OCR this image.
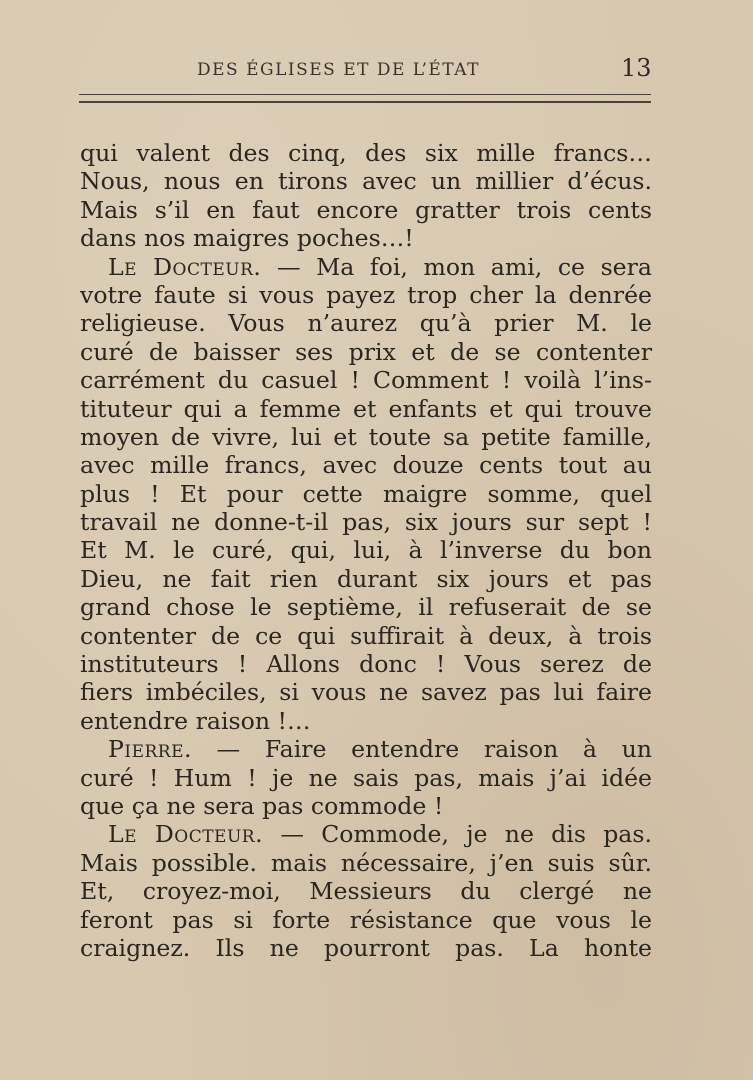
DES ÉGLISES ET DE L’ÉTAT	13
qui valent des cinq, des six mille francs…
Nous, nous en tirons avec un millier d’écus.
Mais s’il en faut encore gratter trois cents
dans nos maigres poches…!
Le Docteur. — Ma foi, mon ami, ce sera
votre faute si vous payez trop cher la denrée
religieuse. Vous n’aurez qu’à prier M. le
curé de baisser ses prix et de se contenter
carrément du casuel ! Comment ! voilà l’ins-
tituteur qui a femme et enfants et qui trouve
moyen de vivre, lui et toute sa petite famille,
avec mille francs, avec douze cents tout au
plus ! Et pour cette maigre somme, quel
travail ne donne-t-il pas, six jours sur sept !
Et M. le curé, qui, lui, à l’inverse du bon
Dieu, ne fait rien durant six jours et pas
grand chose le septième, il refuserait de se
contenter de ce qui suffirait à deux, à trois
instituteurs ! Allons donc ! Vous serez de
fiers imbéciles, si vous ne savez pas lui faire
entendre raison !…
Pierre. — Faire entendre raison à un
curé ! Hum ! je ne sais pas, mais j’ai idée
que ça ne sera pas commode !
Le Docteur. — Commode, je ne dis pas.
Mais possible. mais nécessaire, j’en suis sûr.
Et, croyez-moi, Messieurs du clergé ne
feront pas si forte résistance que vous le
craignez. Ils ne pourront pas. La honte
